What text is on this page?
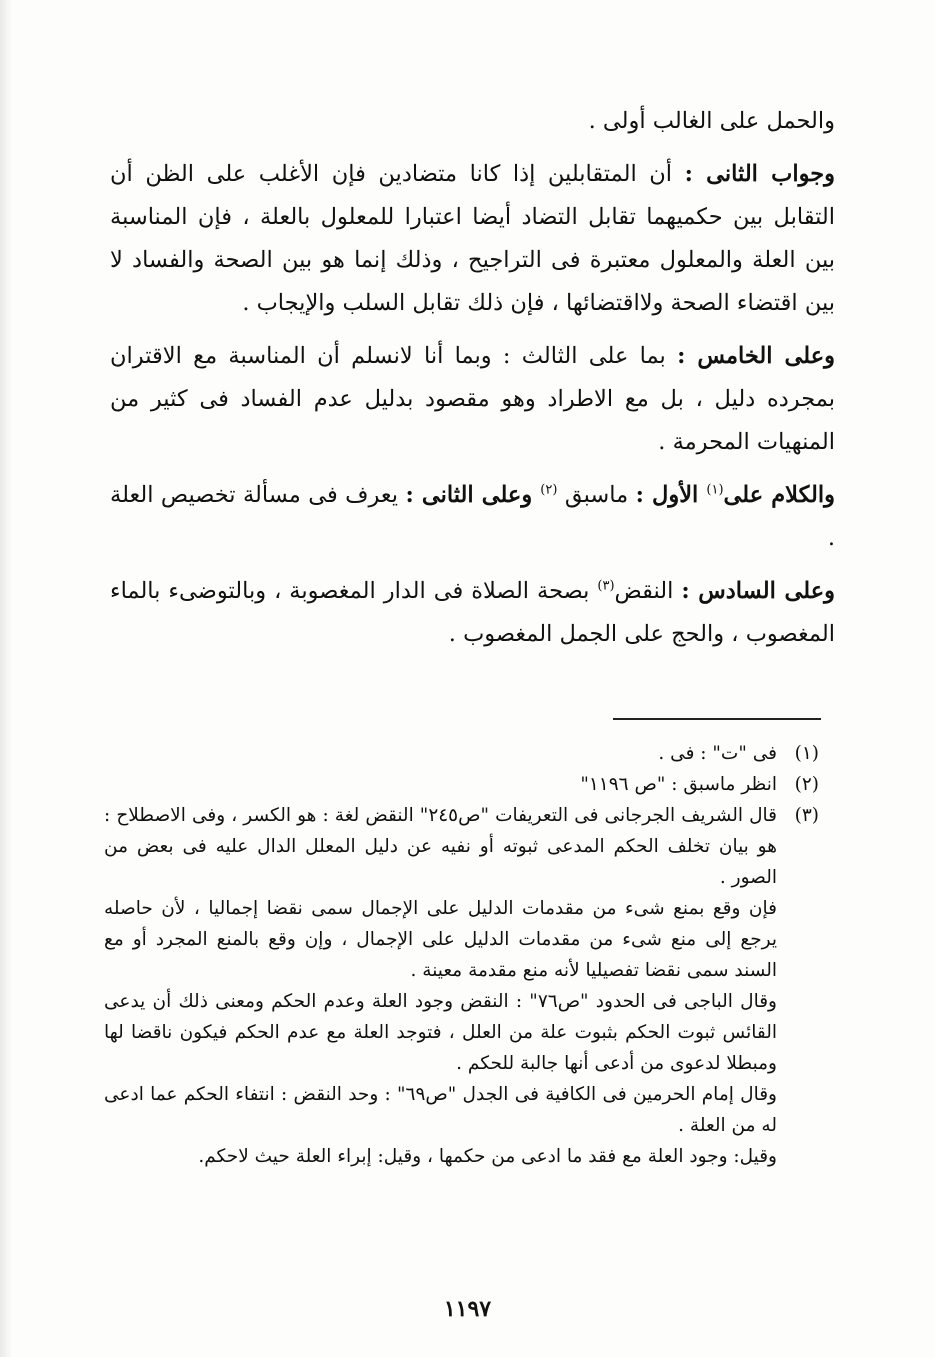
والحمل على الغالب أولى .

وجواب الثانى : أن المتقابلين إذا كانا متضادين فإن الأغلب على الظن أن التقابل بين حكميهما تقابل التضاد أيضا اعتبارا للمعلول بالعلة ، فإن المناسبة بين العلة والمعلول معتبرة فى التراجيح ، وذلك إنما هو بين الصحة والفساد لا بين اقتضاء الصحة ولااقتضائها ، فإن ذلك تقابل السلب والإيجاب .

وعلى الخامس : بما على الثالث : وبما أنا لانسلم أن المناسبة مع الاقتران بمجرده دليل ، بل مع الاطراد وهو مقصود بدليل عدم الفساد فى كثير من المنهيات المحرمة .

والكلام على$^{(١)}$ الأول : ماسبق $^{(٢)}$ وعلى الثانى : يعرف فى مسألة تخصيص العلة .

وعلى السادس : النقض$^{(٣)}$ بصحة الصلاة فى الدار المغصوبة ، وبالتوضىء بالماء المغصوب ، والحج على الجمل المغصوب .

(١)
فى "ت" : فى .
(٢)
انظر ماسبق : "ص ١١٩٦"
(٣)
قال الشريف الجرجانى فى التعريفات "ص٢٤٥" النقض لغة : هو الكسر ، وفى الاصطلاح : هو بيان تخلف الحكم المدعى ثبوته أو نفيه عن دليل المعلل الدال عليه فى بعض من الصور .

فإن وقع بمنع شىء من مقدمات الدليل على الإجمال سمى نقضا إجماليا ، لأن حاصله يرجع إلى منع شىء من مقدمات الدليل على الإجمال ، وإن وقع بالمنع المجرد أو مع السند سمى نقضا تفصيليا لأنه منع مقدمة معينة .

وقال الباجى فى الحدود "ص٧٦" : النقض وجود العلة وعدم الحكم ومعنى ذلك أن يدعى القائس ثبوت الحكم بثبوت علة من العلل ، فتوجد العلة مع عدم الحكم فيكون ناقضا لها ومبطلا لدعوى من أدعى أنها جالبة للحكم .

وقال إمام الحرمين فى الكافية فى الجدل "ص٦٩" : وحد النقض : انتفاء الحكم عما ادعى له من العلة .

وقيل: وجود العلة مع فقد ما ادعى من حكمها ، وقيل: إبراء العلة حيث لاحكم.

١١٩٧
